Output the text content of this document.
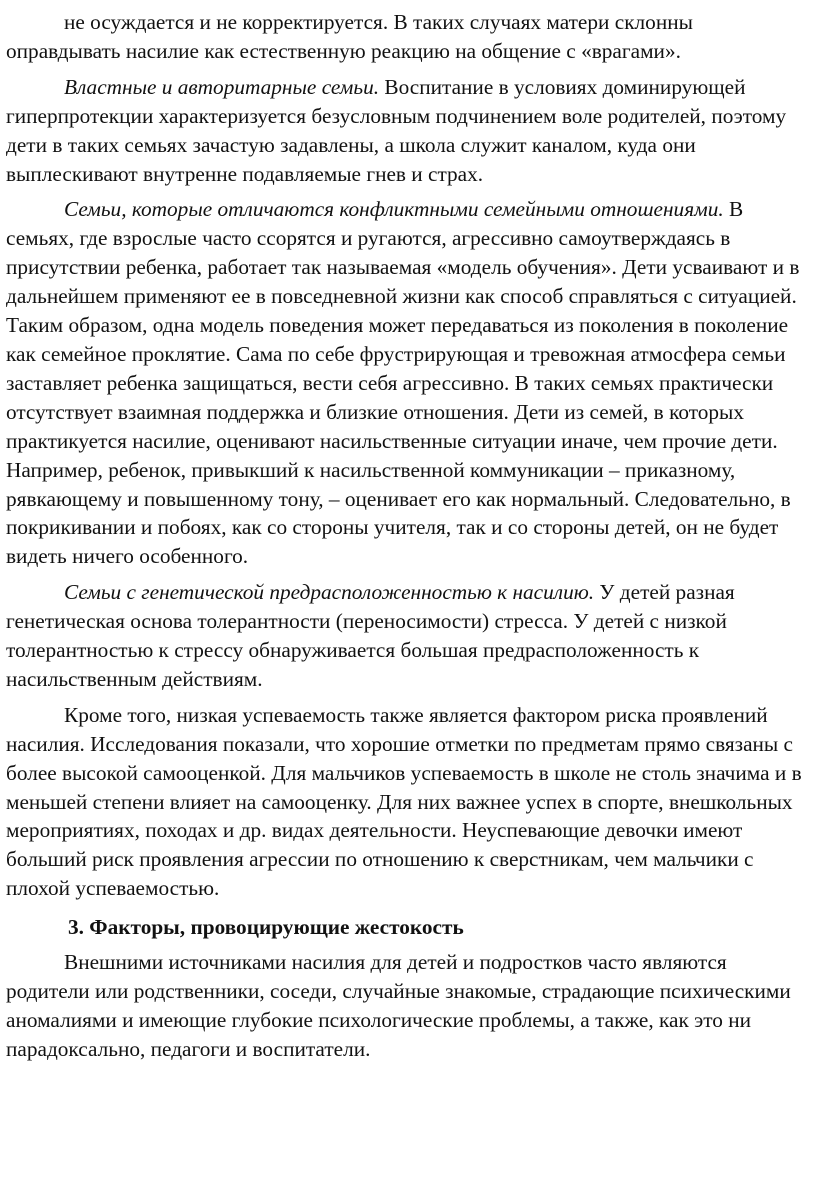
не осуждается и не корректируется. В таких случаях матери склонны оправдывать насилие как естественную реакцию на общение с «врагами».

Властные и авторитарные семьи. Воспитание в условиях доминирующей гиперпротекции характеризуется безусловным подчинением воле родителей, поэтому дети в таких семьях зачастую задавлены, а школа служит каналом, куда они выплескивают внутренне подавляемые гнев и страх.

Семьи, которые отличаются конфликтными семейными отношениями. В семьях, где взрослые часто ссорятся и ругаются, агрессивно самоутверждаясь в присутствии ребенка, работает так называемая «модель обучения». Дети усваивают и в дальнейшем применяют ее в повседневной жизни как способ справляться с ситуацией. Таким образом, одна модель поведения может передаваться из поколения в поколение как семейное проклятие. Сама по себе фрустрирующая и тревожная атмосфера семьи заставляет ребенка защищаться, вести себя агрессивно. В таких семьях практически отсутствует взаимная поддержка и близкие отношения. Дети из семей, в которых практикуется насилие, оценивают насильственные ситуации иначе, чем прочие дети. Например, ребенок, привыкший к насильственной коммуникации – приказному, рявкающему и повышенному тону, – оценивает его как нормальный. Следовательно, в покрикивании и побоях, как со стороны учителя, так и со стороны детей, он не будет видеть ничего особенного.

Семьи с генетической предрасположенностью к насилию. У детей разная генетическая основа толерантности (переносимости) стресса. У детей с низкой толерантностью к стрессу обнаруживается большая предрасположенность к насильственным действиям.

Кроме того, низкая успеваемость также является фактором риска проявлений насилия. Исследования показали, что хорошие отметки по предметам прямо связаны с более высокой самооценкой. Для мальчиков успеваемость в школе не столь значима и в меньшей степени влияет на самооценку. Для них важнее успех в спорте, внешкольных мероприятиях, походах и др. видах деятельности. Неуспевающие девочки имеют больший риск проявления агрессии по отношению к сверстникам, чем мальчики с плохой успеваемостью.

3. Факторы, провоцирующие жестокость

Внешними источниками насилия для детей и подростков часто являются родители или родственники, соседи, случайные знакомые, страдающие психическими аномалиями и имеющие глубокие психологические проблемы, а также, как это ни парадоксально, педагоги и воспитатели.
